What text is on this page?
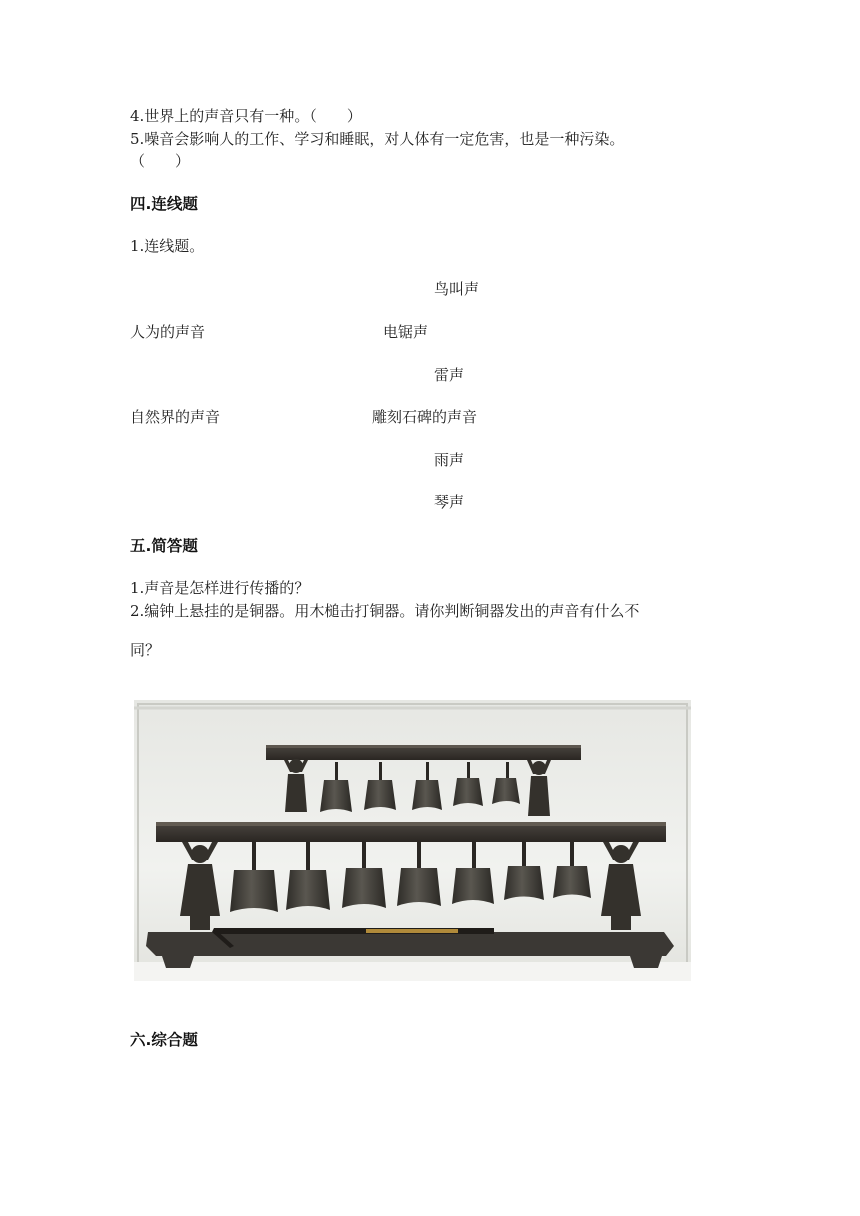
4.世界上的声音只有一种。（　　）
5.噪音会影响人的工作、学习和睡眠，对人体有一定危害，也是一种污染。
（　　）
四.连线题
1.连线题。
鸟叫声
人为的声音	电锯声
雷声
自然界的声音	雕刻石碑的声音
雨声
琴声
五.简答题
1.声音是怎样进行传播的？
2.编钟上悬挂的是铜器。用木槌击打铜器。请你判断铜器发出的声音有什么不
同？
六.综合题
